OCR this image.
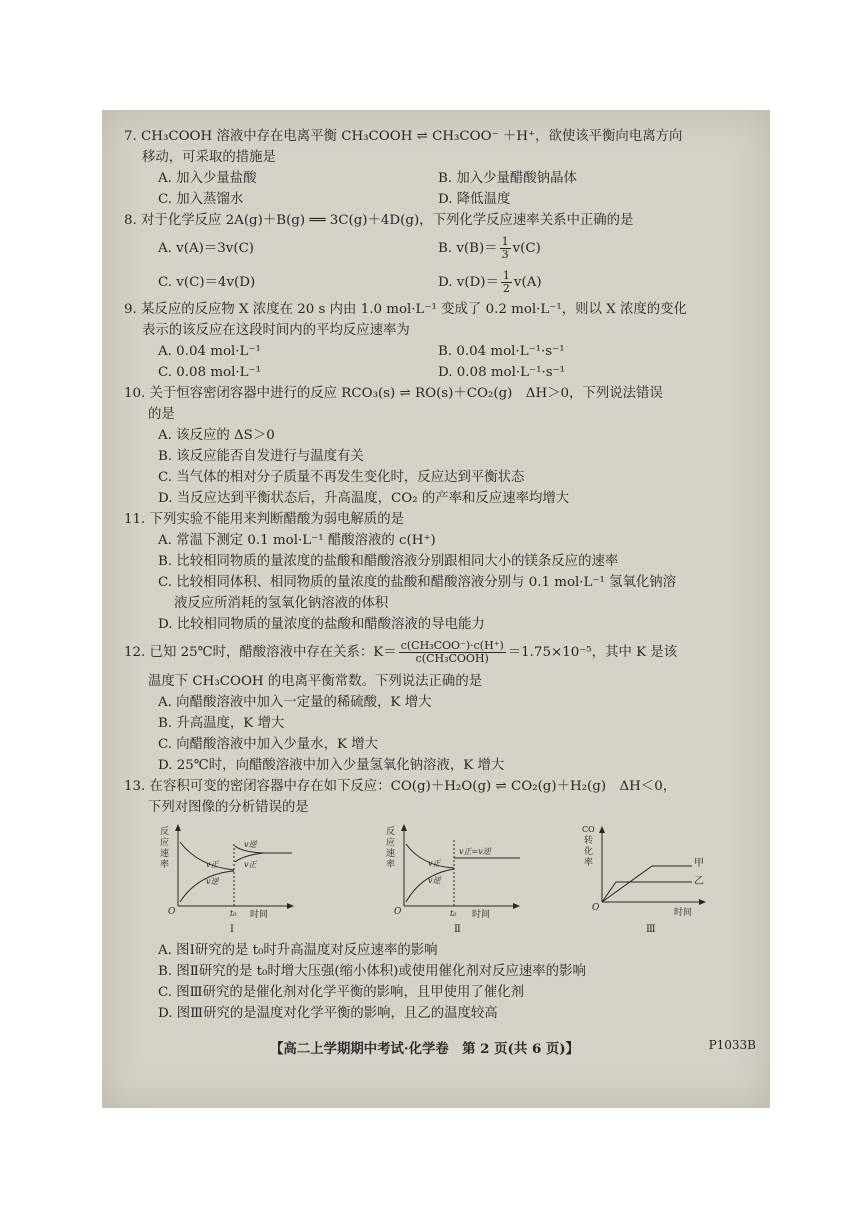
7. CH₃COOH 溶液中存在电离平衡 CH₃COOH ⇌ CH₃COO⁻ ＋H⁺，欲使该平衡向电离方向

移动，可采取的措施是

A. 加入少量盐酸	B. 加入少量醋酸钠晶体
C. 加入蒸馏水	D. 降低温度

8. 对于化学反应 2A(g)＋B(g) ══ 3C(g)＋4D(g)，下列化学反应速率关系中正确的是

A. v(A)＝3v(C)	B. $v(B)= \frac{1}{3} v(C)$
C. v(C)＝4v(D)	D. $v(D)= \frac{1}{2} v(A)$

9. 某反应的反应物 X 浓度在 20 s 内由 1.0 mol·L⁻¹ 变成了 0.2 mol·L⁻¹，则以 X 浓度的变化

表示的该反应在这段时间内的平均反应速率为

A. 0.04 mol·L⁻¹	B. 0.04 mol·L⁻¹·s⁻¹
C. 0.08 mol·L⁻¹	D. 0.08 mol·L⁻¹·s⁻¹

10. 关于恒容密闭容器中进行的反应 RCO₃(s) ⇌ RO(s)＋CO₂(g)　ΔH＞0，下列说法错误

的是

A. 该反应的 ΔS＞0
B. 该反应能否自发进行与温度有关
C. 当气体的相对分子质量不再发生变化时，反应达到平衡状态
D. 当反应达到平衡状态后，升高温度，CO₂ 的产率和反应速率均增大

11. 下列实验不能用来判断醋酸为弱电解质的是

A. 常温下测定 0.1 mol·L⁻¹ 醋酸溶液的 c(H⁺)
B. 比较相同物质的量浓度的盐酸和醋酸溶液分别跟相同大小的镁条反应的速率
C. 比较相同体积、相同物质的量浓度的盐酸和醋酸溶液分别与 0.1 mol·L⁻¹ 氢氧化钠溶
液反应所消耗的氢氧化钠溶液的体积
D. 比较相同物质的量浓度的盐酸和醋酸溶液的导电能力

12. 已知 25℃时，醋酸溶液中存在关系：$K= \frac{\text{c(CH₃COO⁻)·c(H⁺)}}{\text{c(CH₃COOH)}} =1.75\times 10^{-5}$，其中 K 是该

温度下 CH₃COOH 的电离平衡常数。下列说法正确的是

A. 向醋酸溶液中加入一定量的稀硫酸，K 增大
B. 升高温度，K 增大
C. 向醋酸溶液中加入少量水，K 增大
D. 25℃时，向醋酸溶液中加入少量氢氧化钠溶液，K 增大

13. 在容积可变的密闭容器中存在如下反应：CO(g)＋H₂O(g) ⇌ CO₂(g)＋H₂(g)　ΔH＜0，

下列对图像的分析错误的是

反
应
速
率
O
v正
v逆
v逆
v正
t₀ 时间
Ⅰ
反
应
速
率
O
v正
v逆
v正=v逆
t₀ 时间
Ⅱ
CO
转
化
率
O
甲
乙
时间
Ⅲ
A. 图Ⅰ研究的是 t₀时升高温度对反应速率的影响
B. 图Ⅱ研究的是 t₀时增大压强(缩小体积)或使用催化剂对反应速率的影响
C. 图Ⅲ研究的是催化剂对化学平衡的影响，且甲使用了催化剂
D. 图Ⅲ研究的是温度对化学平衡的影响，且乙的温度较高
【高二上学期期中考试·化学卷　第 2 页(共 6 页)】	P1033B
